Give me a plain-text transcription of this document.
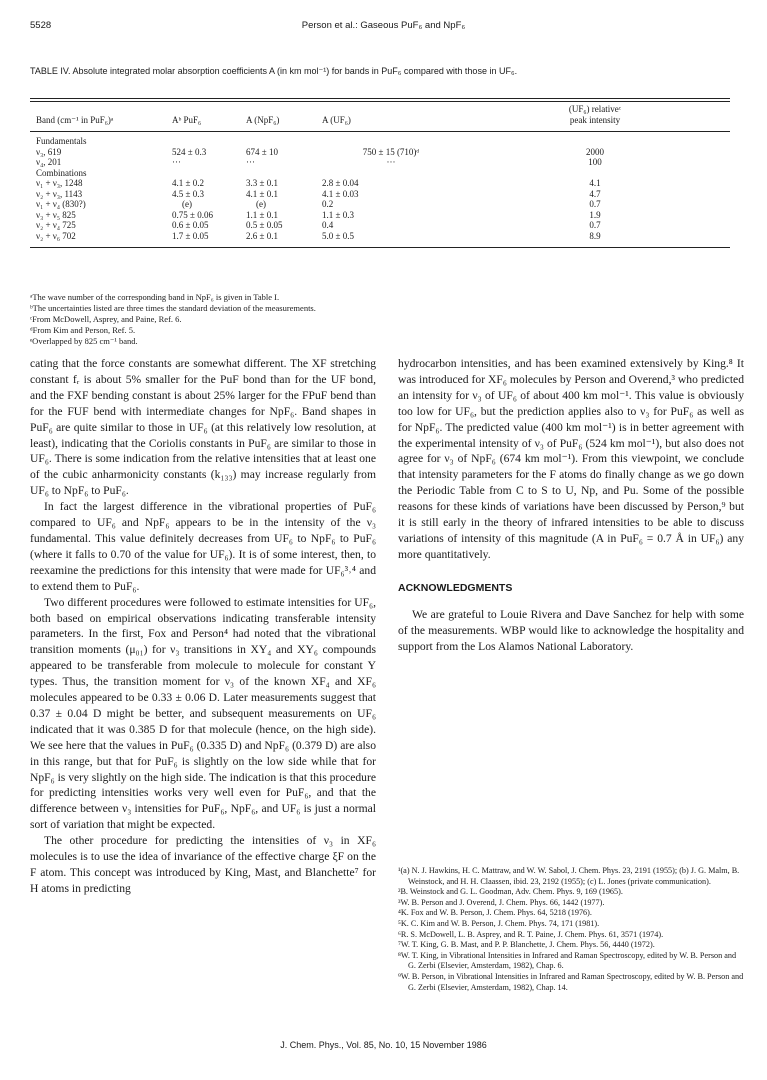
5528	Person et al.: Gaseous PuF₆ and NpF₆
TABLE IV. Absolute integrated molar absorption coefficients A (in km mol⁻¹) for bands in PuF₆ compared with those in UF₆.
Band (cm⁻¹ in PuF₆)ᵃ	Aᵇ PuF₆	A (NpF₆)	A (UF₆)	(UF₆) relativeᶜ
peak intensity

Fundamentals				
ν₃, 619	524 ± 0.3	674 ± 10	750 ± 15 (710)ᵈ	2000
ν₄, 201	···	···	···	100
Combinations				
ν₁ + ν₃, 1248	4.1 ± 0.2	3.3 ± 0.1	2.8 ± 0.04	4.1
ν₂ + ν₃, 1143	4.5 ± 0.3	4.1 ± 0.1	4.1 ± 0.03	4.7
ν₁ + ν₄ (830?)	(e)	(e)	0.2	0.7
ν₃ + ν₅ 825	0.75 ± 0.06	1.1 ± 0.1	1.1 ± 0.3	1.9
ν₂ + ν₄ 725	0.6 ± 0.05	0.5 ± 0.05	0.4	0.7
ν₂ + ν₆ 702	1.7 ± 0.05	2.6 ± 0.1	5.0 ± 0.5	8.9
ᵃThe wave number of the corresponding band in NpF₆ is given in Table I.
ᵇThe uncertainties listed are three times the standard deviation of the measurements.
ᶜFrom McDowell, Asprey, and Paine, Ref. 6.
ᵈFrom Kim and Person, Ref. 5.
ᵉOverlapped by 825 cm⁻¹ band.

cating that the force constants are somewhat different. The XF stretching constant fᵣ is about 5% smaller for the PuF bond than for the UF bond, and the FXF bending constant is about 25% larger for the FPuF bend than for the FUF bend with intermediate changes for NpF₆. Band shapes in PuF₆ are quite similar to those in UF₆ (at this relatively low resolution, at least), indicating that the Coriolis constants in PuF₆ are similar to those in UF₆. There is some indication from the relative intensities that at least one of the cubic anharmonicity constants (k₁₃₃) may increase regularly from UF₆ to NpF₆ to PuF₆.

In fact the largest difference in the vibrational properties of PuF₆ compared to UF₆ and NpF₆ appears to be in the intensity of the ν₃ fundamental. This value definitely decreases from UF₆ to NpF₆ to PuF₆ (where it falls to 0.70 of the value for UF₆). It is of some interest, then, to reexamine the predictions for this intensity that were made for UF₆³˒⁴ and to extend them to PuF₆.

Two different procedures were followed to estimate intensities for UF₆, both based on empirical observations indicating transferable intensity parameters. In the first, Fox and Person⁴ had noted that the vibrational transition moments (μ₀₁) for ν₃ transitions in XY₄ and XY₆ compounds appeared to be transferable from molecule to molecule for constant Y types. Thus, the transition moment for ν₃ of the known XF₄ and XF₆ molecules appeared to be 0.33 ± 0.06 D. Later measurements suggest that 0.37 ± 0.04 D might be better, and subsequent measurements on UF₆ indicated that it was 0.385 D for that molecule (hence, on the high side). We see here that the values in PuF₆ (0.335 D) and NpF₆ (0.379 D) are also in this range, but that for PuF₆ is slightly on the low side while that for NpF₆ is very slightly on the high side. The indication is that this procedure for predicting intensities works very well even for PuF₆, and that the difference between ν₃ intensities for PuF₆, NpF₆, and UF₆ is just a normal sort of variation that might be expected.

The other procedure for predicting the intensities of ν₃ in XF₆ molecules is to use the idea of invariance of the effective charge ξF on the F atom. This concept was introduced by King, Mast, and Blanchette⁷ for H atoms in predicting

hydrocarbon intensities, and has been examined extensively by King.⁸ It was introduced for XF₆ molecules by Person and Overend,³ who predicted an intensity for ν₃ of UF₆ of about 400 km mol⁻¹. This value is obviously too low for UF₆, but the prediction applies also to ν₃ for PuF₆ as well as for NpF₆. The predicted value (400 km mol⁻¹) is in better agreement with the experimental intensity of ν₃ of PuF₆ (524 km mol⁻¹), but also does not agree for ν₃ of NpF₆ (674 km mol⁻¹). From this viewpoint, we conclude that intensity parameters for the F atoms do finally change as we go down the Periodic Table from C to S to U, Np, and Pu. Some of the possible reasons for these kinds of variations have been discussed by Person,⁹ but it is still early in the theory of infrared intensities to be able to discuss variations of intensity of this magnitude (A in PuF₆ = 0.7 Å in UF₆) any more quantitatively.

ACKNOWLEDGMENTS

We are grateful to Louie Rivera and Dave Sanchez for help with some of the measurements. WBP would like to acknowledge the hospitality and support from the Los Alamos National Laboratory.

¹(a) N. J. Hawkins, H. C. Mattraw, and W. W. Sabol, J. Chem. Phys. 23, 2191 (1955); (b) J. G. Malm, B. Weinstock, and H. H. Claassen, ibid. 23, 2192 (1955); (c) L. Jones (private communication).
²B. Weinstock and G. L. Goodman, Adv. Chem. Phys. 9, 169 (1965).
³W. B. Person and J. Overend, J. Chem. Phys. 66, 1442 (1977).
⁴K. Fox and W. B. Person, J. Chem. Phys. 64, 5218 (1976).
⁵K. C. Kim and W. B. Person, J. Chem. Phys. 74, 171 (1981).
⁶R. S. McDowell, L. B. Asprey, and R. T. Paine, J. Chem. Phys. 61, 3571 (1974).
⁷W. T. King, G. B. Mast, and P. P. Blanchette, J. Chem. Phys. 56, 4440 (1972).
⁸W. T. King, in Vibrational Intensities in Infrared and Raman Spectroscopy, edited by W. B. Person and G. Zerbi (Elsevier, Amsterdam, 1982), Chap. 6.
⁹W. B. Person, in Vibrational Intensities in Infrared and Raman Spectroscopy, edited by W. B. Person and G. Zerbi (Elsevier, Amsterdam, 1982), Chap. 14.
J. Chem. Phys., Vol. 85, No. 10, 15 November 1986
